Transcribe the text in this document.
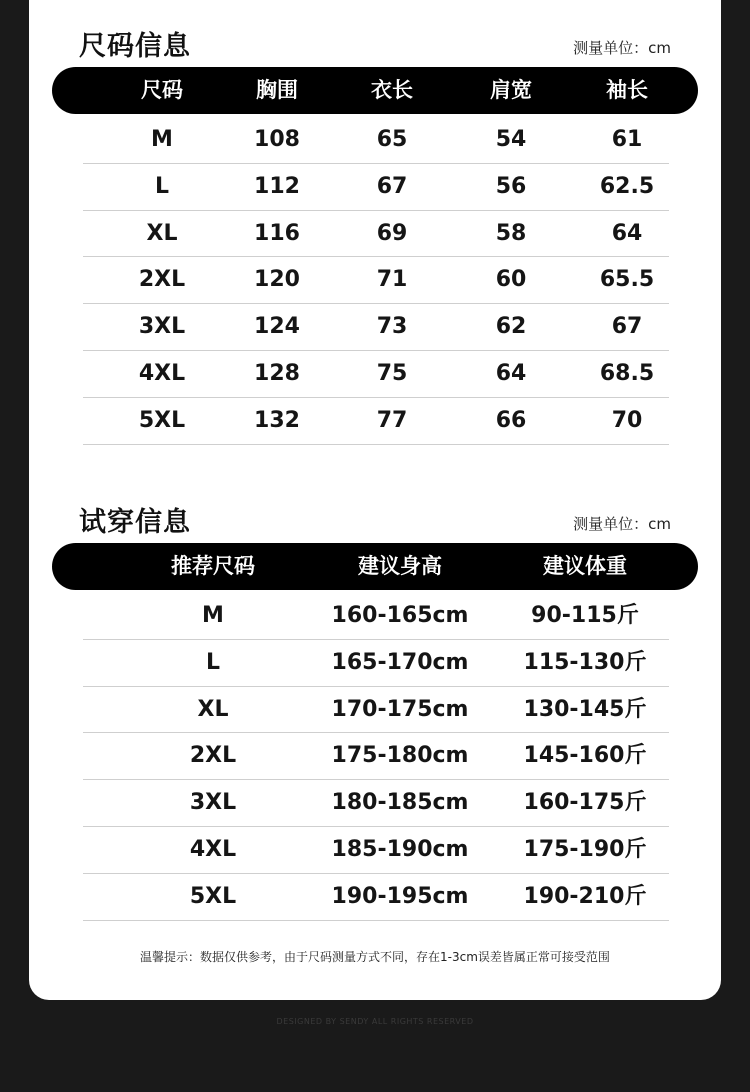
尺码信息	测量单位：cm
尺码	胸围	衣长	肩宽	袖长
M	108	65	54	61
L	112	67	56	62.5
XL	116	69	58	64
2XL	120	71	60	65.5
3XL	124	73	62	67
4XL	128	75	64	68.5
5XL	132	77	66	70
试穿信息	测量单位：cm
推荐尺码	建议身高	建议体重
M	160-165cm	90-115斤
L	165-170cm	115-130斤
XL	170-175cm	130-145斤
2XL	175-180cm	145-160斤
3XL	180-185cm	160-175斤
4XL	185-190cm	175-190斤
5XL	190-195cm	190-210斤
温馨提示：数据仅供参考，由于尺码测量方式不同，存在1-3cm误差皆属正常可接受范围
DESIGNED BY SENDY ALL RIGHTS RESERVED
